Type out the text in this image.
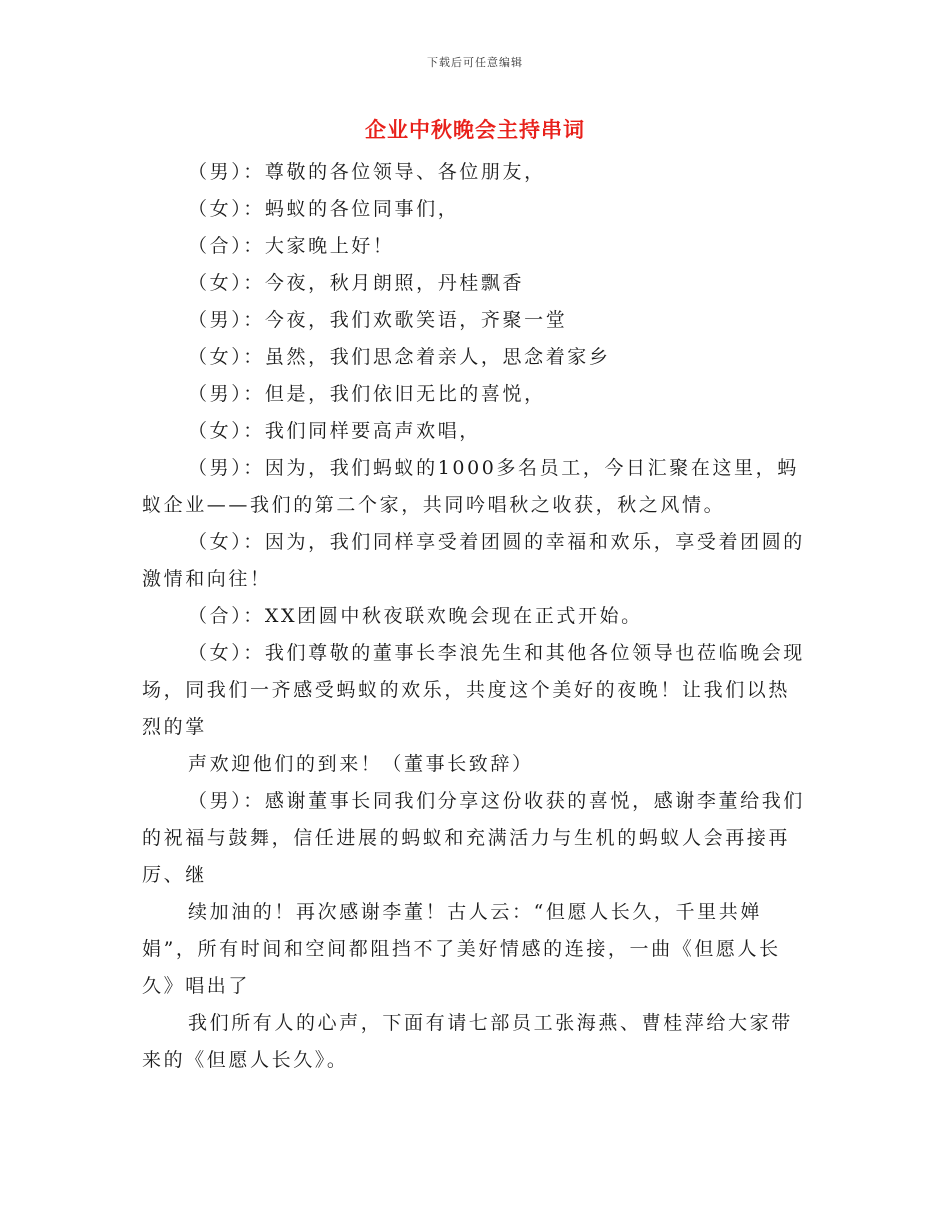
下载后可任意编辑
企业中秋晚会主持串词

（男）：尊敬的各位领导、各位朋友，

（女）：蚂蚁的各位同事们，

（合）：大家晚上好！

（女）：今夜，秋月朗照，丹桂飘香

（男）：今夜，我们欢歌笑语，齐聚一堂

（女）：虽然，我们思念着亲人，思念着家乡

（男）：但是，我们依旧无比的喜悦，

（女）：我们同样要高声欢唱，

（男）：因为，我们蚂蚁的1000多名员工，今日汇聚在这里，蚂蚁企业——我们的第二个家，共同吟唱秋之收获，秋之风情。

（女）：因为，我们同样享受着团圆的幸福和欢乐，享受着团圆的激情和向往！

（合）：XX团圆中秋夜联欢晚会现在正式开始。

（女）：我们尊敬的董事长李浪先生和其他各位领导也莅临晚会现场，同我们一齐感受蚂蚁的欢乐，共度这个美好的夜晚！让我们以热烈的掌

声欢迎他们的到来！（董事长致辞）

（男）：感谢董事长同我们分享这份收获的喜悦，感谢李董给我们的祝福与鼓舞，信任进展的蚂蚁和充满活力与生机的蚂蚁人会再接再厉、继

续加油的！再次感谢李董！古人云：“但愿人长久，千里共婵娟”，所有时间和空间都阻挡不了美好情感的连接，一曲《但愿人长久》唱出了

我们所有人的心声，下面有请七部员工张海燕、曹桂萍给大家带来的《但愿人长久》。
